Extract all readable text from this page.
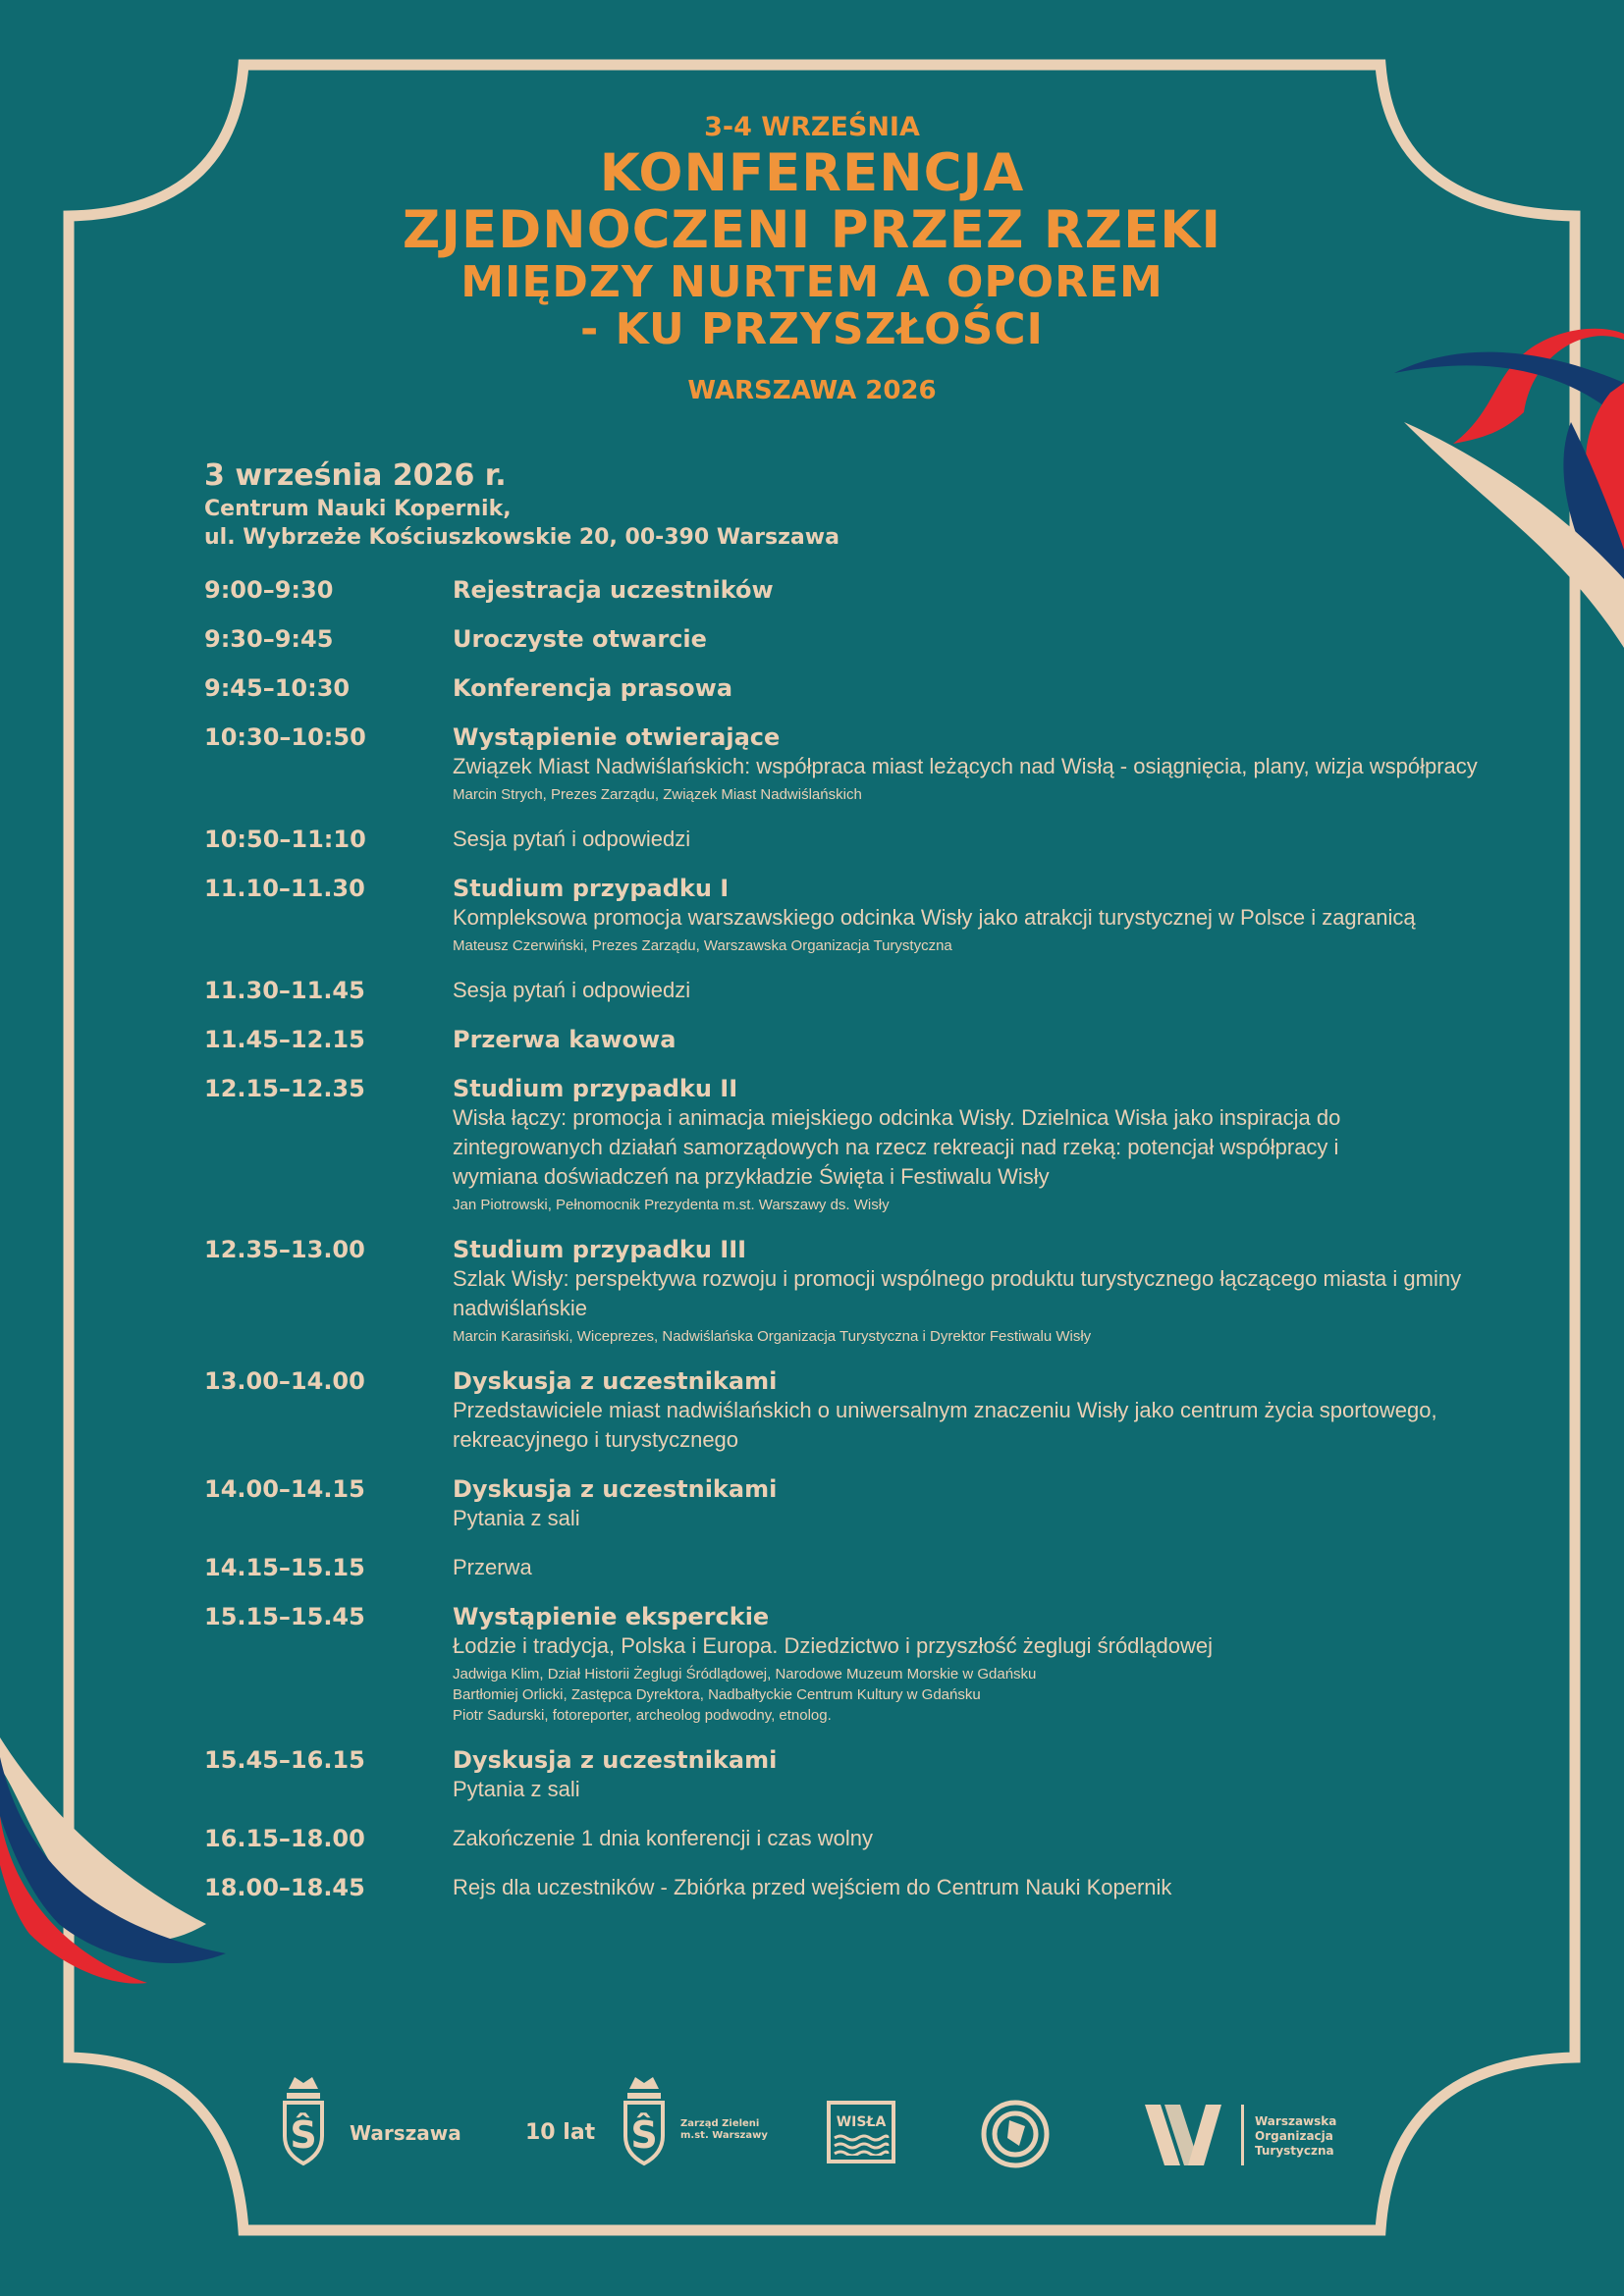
3-4 WRZEŚNIA
KONFERENCJA
ZJEDNOCZENI PRZEZ RZEKI
MIĘDZY NURTEM A OPOREM
- KU PRZYSZŁOŚCI
WARSZAWA 2026
3 września 2026 r.
Centrum Nauki Kopernik,
ul. Wybrzeże Kościuszkowskie 20, 00-390 Warszawa
9:00–9:30	Rejestracja uczestników
9:30–9:45	Uroczyste otwarcie
9:45–10:30	Konferencja prasowa
10:30–10:50	Wystąpienie otwierające
Związek Miast Nadwiślańskich: współpraca miast leżących nad Wisłą - osiągnięcia, plany, wizja współpracy
Marcin Strych, Prezes Zarządu, Związek Miast Nadwiślańskich
10:50–11:10	Sesja pytań i odpowiedzi
11.10–11.30	Studium przypadku I
Kompleksowa promocja warszawskiego odcinka Wisły jako atrakcji turystycznej w Polsce i zagranicą
Mateusz Czerwiński, Prezes Zarządu, Warszawska Organizacja Turystyczna
11.30–11.45	Sesja pytań i odpowiedzi
11.45–12.15	Przerwa kawowa
12.15–12.35	Studium przypadku II
Wisła łączy: promocja i animacja miejskiego odcinka Wisły. Dzielnica Wisła jako inspiracja do zintegrowanych działań samorządowych na rzecz rekreacji nad rzeką: potencjał współpracy i wymiana doświadczeń na przykładzie Święta i Festiwalu Wisły
Jan Piotrowski, Pełnomocnik Prezydenta m.st. Warszawy ds. Wisły
12.35–13.00	Studium przypadku III
Szlak Wisły: perspektywa rozwoju i promocji wspólnego produktu turystycznego łączącego miasta i gminy nadwiślańskie
Marcin Karasiński, Wiceprezes, Nadwiślańska Organizacja Turystyczna i Dyrektor Festiwalu Wisły
13.00–14.00	Dyskusja z uczestnikami
Przedstawiciele miast nadwiślańskich o uniwersalnym znaczeniu Wisły jako centrum życia sportowego, rekreacyjnego i turystycznego
14.00–14.15	Dyskusja z uczestnikami
Pytania z sali
14.15–15.15	Przerwa
15.15–15.45	Wystąpienie eksperckie
Łodzie i tradycja, Polska i Europa. Dziedzictwo i przyszłość żeglugi śródlądowej
Jadwiga Klim, Dział Historii Żeglugi Śródlądowej, Narodowe Muzeum Morskie w Gdańsku
Bartłomiej Orlicki, Zastępca Dyrektora, Nadbałtyckie Centrum Kultury w Gdańsku
Piotr Sadurski, fotoreporter, archeolog podwodny, etnolog.
15.45–16.15	Dyskusja z uczestnikami
Pytania z sali
16.15–18.00	Zakończenie 1 dnia konferencji i czas wolny
18.00–18.45	Rejs dla uczestników - Zbiórka przed wejściem do Centrum Nauki Kopernik
Ŝ Warszawa	10 lat Ŝ Zarząd Zieleni
m.st. Warszawy
WISŁA	Warszawska
Organizacja
Turystyczna
